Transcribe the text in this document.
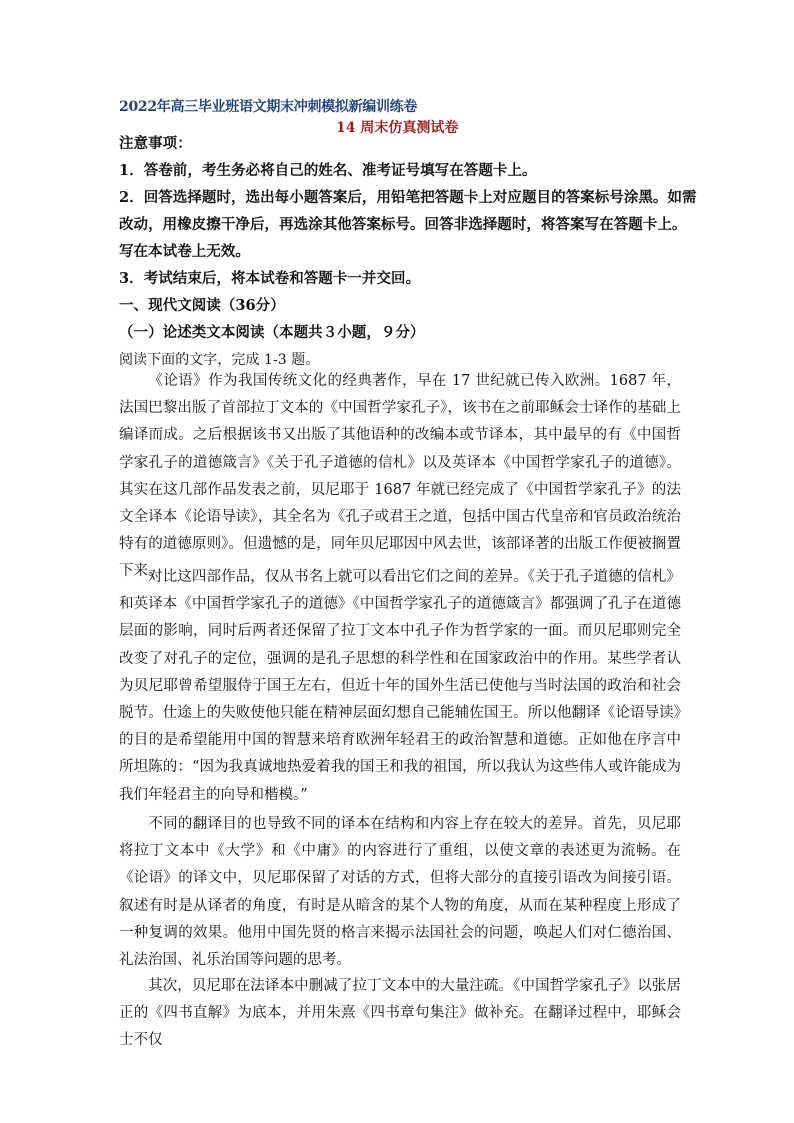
2022年高三毕业班语文期末冲刺模拟新编训练卷
14 周末仿真测试卷
注意事项：
1．答卷前，考生务必将自己的姓名、准考证号填写在答题卡上。
2．回答选择题时，选出每小题答案后，用铅笔把答题卡上对应题目的答案标号涂黑。如需
改动，用橡皮擦干净后，再选涂其他答案标号。回答非选择题时，将答案写在答题卡上。
写在本试卷上无效。
3．考试结束后，将本试卷和答题卡一并交回。
一、现代文阅读（36分）
（一）论述类文本阅读（本题共３小题，９分）
阅读下面的文字，完成 1-3 题。
《论语》作为我国传统文化的经典著作，早在 17 世纪就已传入欧洲。1687 年，法国巴黎出版了首部拉丁文本的《中国哲学家孔子》，该书在之前耶稣会士译作的基础上编译而成。之后根据该书又出版了其他语种的改编本或节译本，其中最早的有《中国哲学家孔子的道德箴言》《关于孔子道德的信札》以及英译本《中国哲学家孔子的道德》。其实在这几部作品发表之前，贝尼耶于 1687 年就已经完成了《中国哲学家孔子》的法文全译本《论语导读》，其全名为《孔子或君王之道，包括中国古代皇帝和官员政治统治特有的道德原则》。但遗憾的是，同年贝尼耶因中风去世，该部译著的出版工作便被搁置下来。
对比这四部作品，仅从书名上就可以看出它们之间的差异。《关于孔子道德的信札》和英译本《中国哲学家孔子的道德》《中国哲学家孔子的道德箴言》都强调了孔子在道德层面的影响，同时后两者还保留了拉丁文本中孔子作为哲学家的一面。而贝尼耶则完全改变了对孔子的定位，强调的是孔子思想的科学性和在国家政治中的作用。某些学者认为贝尼耶曾希望服侍于国王左右，但近十年的国外生活已使他与当时法国的政治和社会脱节。仕途上的失败使他只能在精神层面幻想自己能辅佐国王。所以他翻译《论语导读》的目的是希望能用中国的智慧来培育欧洲年轻君王的政治智慧和道德。正如他在序言中所坦陈的：“因为我真诚地热爱着我的国王和我的祖国，所以我认为这些伟人或许能成为我们年轻君主的向导和楷模。”
不同的翻译目的也导致不同的译本在结构和内容上存在较大的差异。首先，贝尼耶将拉丁文本中《大学》和《中庸》的内容进行了重组，以使文章的表述更为流畅。在《论语》的译文中，贝尼耶保留了对话的方式，但将大部分的直接引语改为间接引语。叙述有时是从译者的角度，有时是从暗含的某个人物的角度，从而在某种程度上形成了一种复调的效果。他用中国先贤的格言来揭示法国社会的问题，唤起人们对仁德治国、礼法治国、礼乐治国等问题的思考。
其次，贝尼耶在法译本中删减了拉丁文本中的大量注疏。《中国哲学家孔子》以张居正的《四书直解》为底本，并用朱熹《四书章句集注》做补充。在翻译过程中，耶稣会士不仅
